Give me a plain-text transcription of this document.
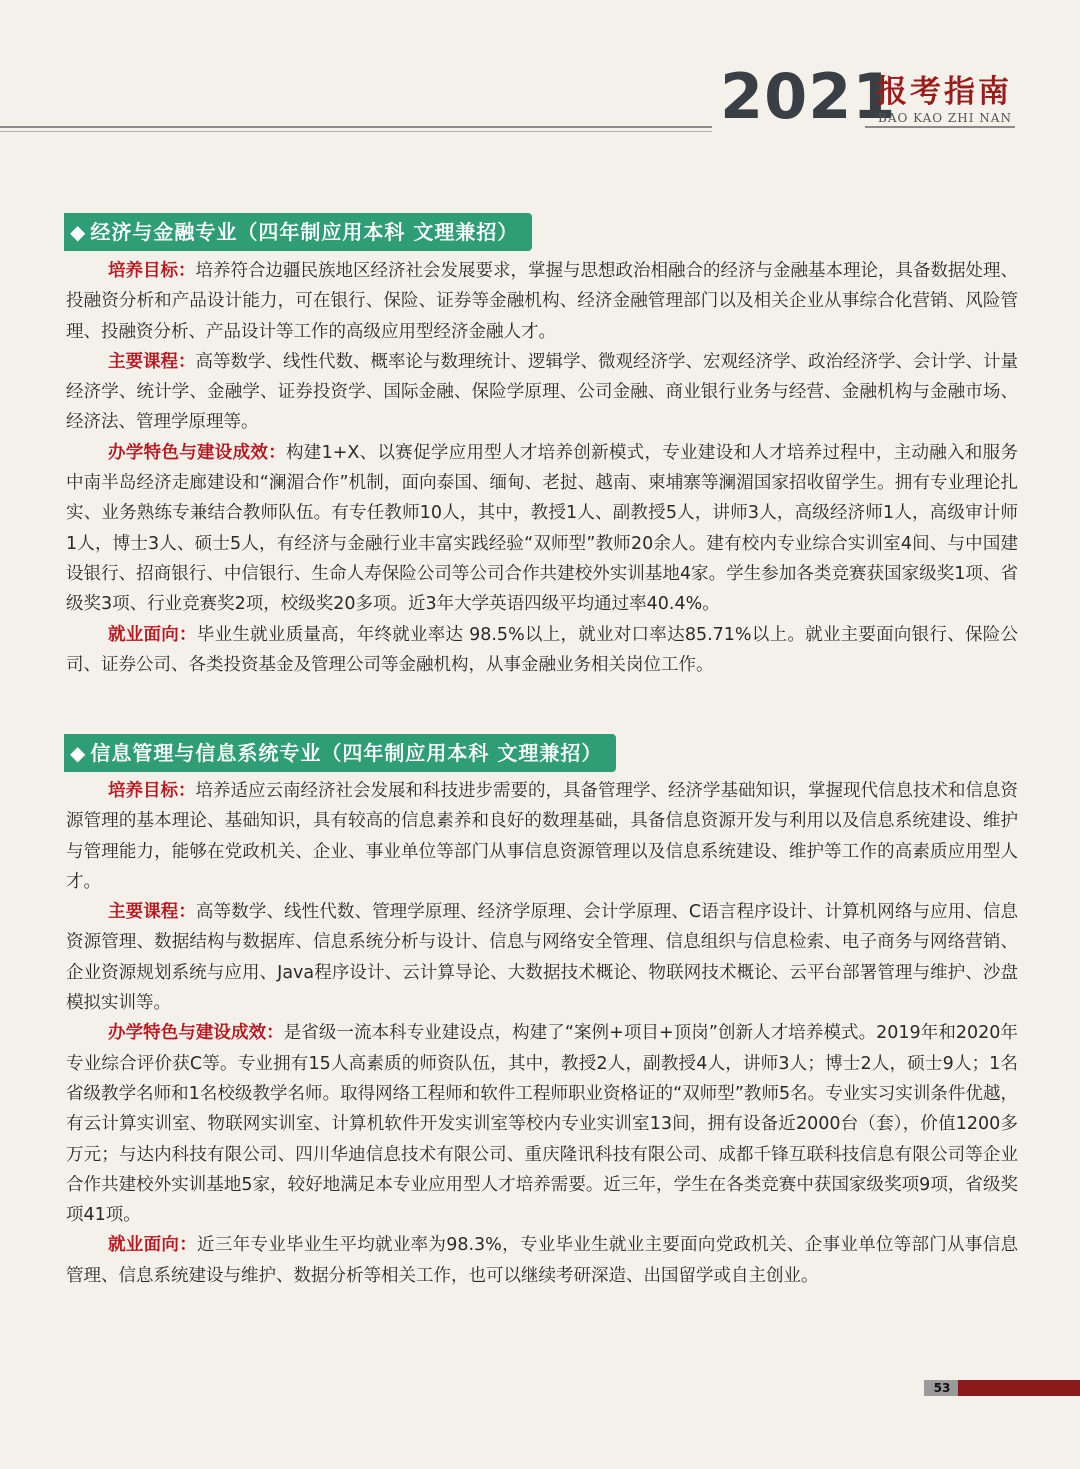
2021
报考指南
BAO KAO ZHI NAN
◆ 经济与金融专业（四年制应用本科 文理兼招）

培养目标：培养符合边疆民族地区经济社会发展要求，掌握与思想政治相融合的经济与金融基本理论，具备数据处理、投融资分析和产品设计能力，可在银行、保险、证券等金融机构、经济金融管理部门以及相关企业从事综合化营销、风险管理、投融资分析、产品设计等工作的高级应用型经济金融人才。

主要课程：高等数学、线性代数、概率论与数理统计、逻辑学、微观经济学、宏观经济学、政治经济学、会计学、计量经济学、统计学、金融学、证券投资学、国际金融、保险学原理、公司金融、商业银行业务与经营、金融机构与金融市场、经济法、管理学原理等。

办学特色与建设成效：构建1+X、以赛促学应用型人才培养创新模式，专业建设和人才培养过程中，主动融入和服务中南半岛经济走廊建设和“澜湄合作”机制，面向泰国、缅甸、老挝、越南、柬埔寨等澜湄国家招收留学生。拥有专业理论扎实、业务熟练专兼结合教师队伍。有专任教师10人，其中，教授1人、副教授5人，讲师3人，高级经济师1人，高级审计师1人，博士3人、硕士5人，有经济与金融行业丰富实践经验“双师型”教师20余人。建有校内专业综合实训室4间、与中国建设银行、招商银行、中信银行、生命人寿保险公司等公司合作共建校外实训基地4家。学生参加各类竞赛获国家级奖1项、省级奖3项、行业竞赛奖2项，校级奖20多项。近3年大学英语四级平均通过率40.4%。

就业面向：毕业生就业质量高，年终就业率达 98.5%以上，就业对口率达85.71%以上。就业主要面向银行、保险公司、证券公司、各类投资基金及管理公司等金融机构，从事金融业务相关岗位工作。

◆ 信息管理与信息系统专业（四年制应用本科 文理兼招）

培养目标：培养适应云南经济社会发展和科技进步需要的，具备管理学、经济学基础知识，掌握现代信息技术和信息资源管理的基本理论、基础知识，具有较高的信息素养和良好的数理基础，具备信息资源开发与利用以及信息系统建设、维护与管理能力，能够在党政机关、企业、事业单位等部门从事信息资源管理以及信息系统建设、维护等工作的高素质应用型人才。

主要课程：高等数学、线性代数、管理学原理、经济学原理、会计学原理、C语言程序设计、计算机网络与应用、信息资源管理、数据结构与数据库、信息系统分析与设计、信息与网络安全管理、信息组织与信息检索、电子商务与网络营销、企业资源规划系统与应用、Java程序设计、云计算导论、大数据技术概论、物联网技术概论、云平台部署管理与维护、沙盘模拟实训等。

办学特色与建设成效：是省级一流本科专业建设点，构建了“案例+项目+顶岗”创新人才培养模式。2019年和2020年专业综合评价获C等。专业拥有15人高素质的师资队伍，其中，教授2人，副教授4人，讲师3人；博士2人，硕士9人；1名省级教学名师和1名校级教学名师。取得网络工程师和软件工程师职业资格证的“双师型”教师5名。专业实习实训条件优越，有云计算实训室、物联网实训室、计算机软件开发实训室等校内专业实训室13间，拥有设备近2000台（套），价值1200多万元；与达内科技有限公司、四川华迪信息技术有限公司、重庆隆讯科技有限公司、成都千锋互联科技信息有限公司等企业合作共建校外实训基地5家，较好地满足本专业应用型人才培养需要。近三年，学生在各类竞赛中获国家级奖项9项，省级奖项41项。

就业面向：近三年专业毕业生平均就业率为98.3%，专业毕业生就业主要面向党政机关、企事业单位等部门从事信息管理、信息系统建设与维护、数据分析等相关工作，也可以继续考研深造、出国留学或自主创业。

53
